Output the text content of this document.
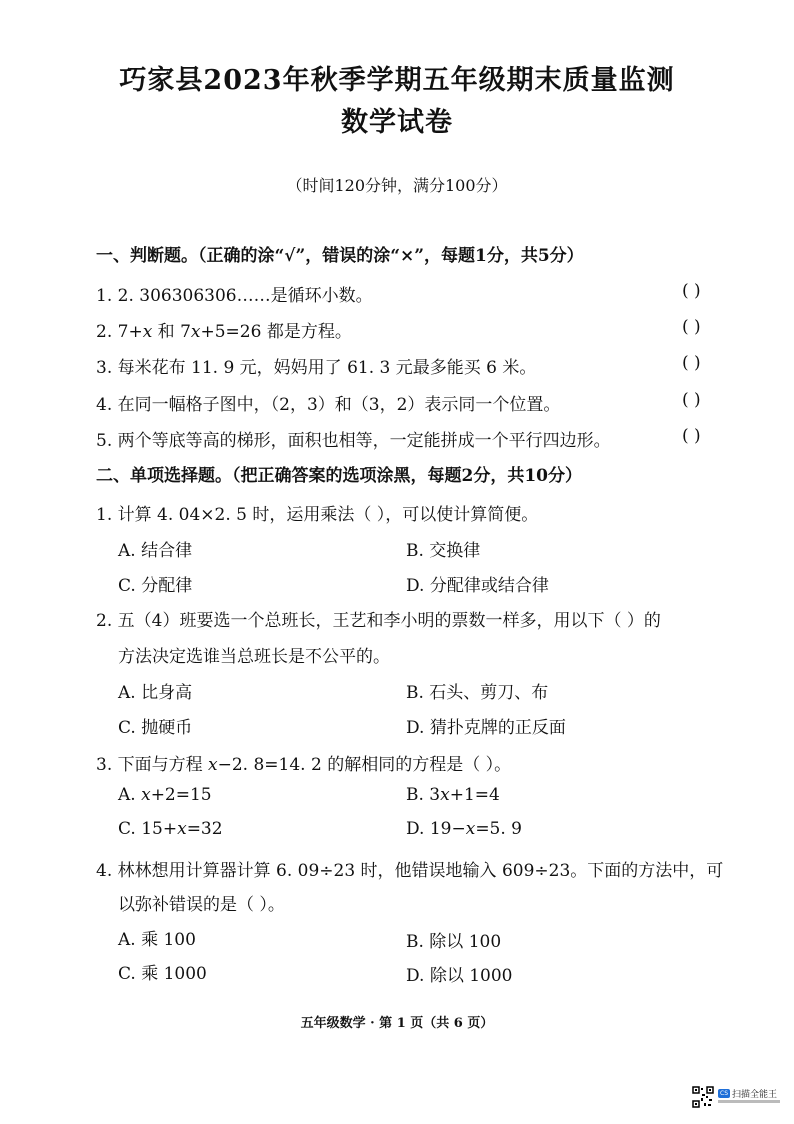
巧家县2023年秋季学期五年级期末质量监测
数学试卷
（时间120分钟，满分100分）
一、判断题。（正确的涂“√”，错误的涂“×”，每题1分，共5分）
1. 2. 306306306……是循环小数。	( )
2. 7+x 和 7x+5=26 都是方程。	( )
3. 每米花布 11. 9 元，妈妈用了 61. 3 元最多能买 6 米。	( )
4. 在同一幅格子图中，（2，3）和（3，2）表示同一个位置。	( )
5. 两个等底等高的梯形，面积也相等，一定能拼成一个平行四边形。	( )
二、单项选择题。（把正确答案的选项涂黑，每题2分，共10分）
1. 计算 4. 04×2. 5 时，运用乘法（ ），可以使计算简便。
A. 结合律	B. 交换律
C. 分配律	D. 分配律或结合律
2. 五（4）班要选一个总班长，王艺和李小明的票数一样多，用以下（ ）的
方法决定选谁当总班长是不公平的。
A. 比身高	B. 石头、剪刀、布
C. 抛硬币	D. 猜扑克牌的正反面
3. 下面与方程 x−2. 8=14. 2 的解相同的方程是（ ）。
A. x+2=15	B. 3x+1=4
C. 15+x=32	D. 19−x=5. 9
4. 林林想用计算器计算 6. 09÷23 时，他错误地输入 609÷23。下面的方法中，可
以弥补错误的是（ ）。
A. 乘 100	B. 除以 100
C. 乘 1000	D. 除以 1000
五年级数学 · 第 1 页（共 6 页）
CS 扫描全能王
